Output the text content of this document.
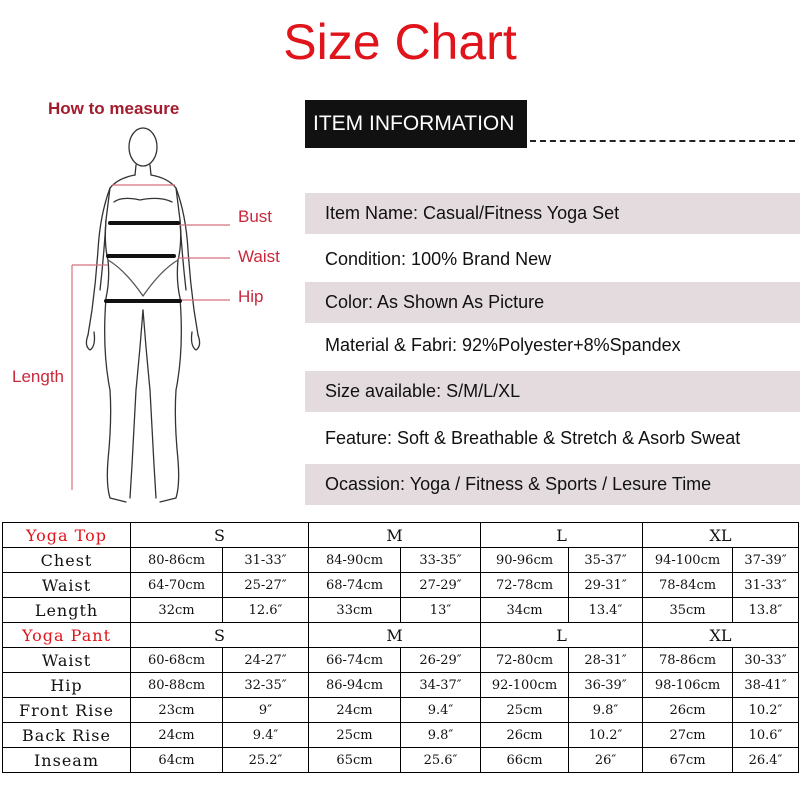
Size Chart
How to measure
Bust
Waist
Hip
Length
ITEM INFORMATION
Item Name: Casual/Fitness Yoga Set
Condition: 100% Brand New
Color: As Shown As Picture
Material & Fabri: 92%Polyester+8%Spandex
Size available: S/M/L/XL
Feature: Soft & Breathable & Stretch & Asorb Sweat
Ocassion: Yoga / Fitness & Sports / Lesure Time
Yoga Top	S		M		L		XL	
Chest	80-86cm	31-33″	84-90cm	33-35″	90-96cm	35-37″	94-100cm	37-39″
Waist	64-70cm	25-27″	68-74cm	27-29″	72-78cm	29-31″	78-84cm	31-33″
Length	32cm	12.6″	33cm	13″	34cm	13.4″	35cm	13.8″
Yoga Pant	S		M		L		XL	
Waist	60-68cm	24-27″	66-74cm	26-29″	72-80cm	28-31″	78-86cm	30-33″
Hip	80-88cm	32-35″	86-94cm	34-37″	92-100cm	36-39″	98-106cm	38-41″
Front Rise	23cm	9″	24cm	9.4″	25cm	9.8″	26cm	10.2″
Back Rise	24cm	9.4″	25cm	9.8″	26cm	10.2″	27cm	10.6″
Inseam	64cm	25.2″	65cm	25.6″	66cm	26″	67cm	26.4″
